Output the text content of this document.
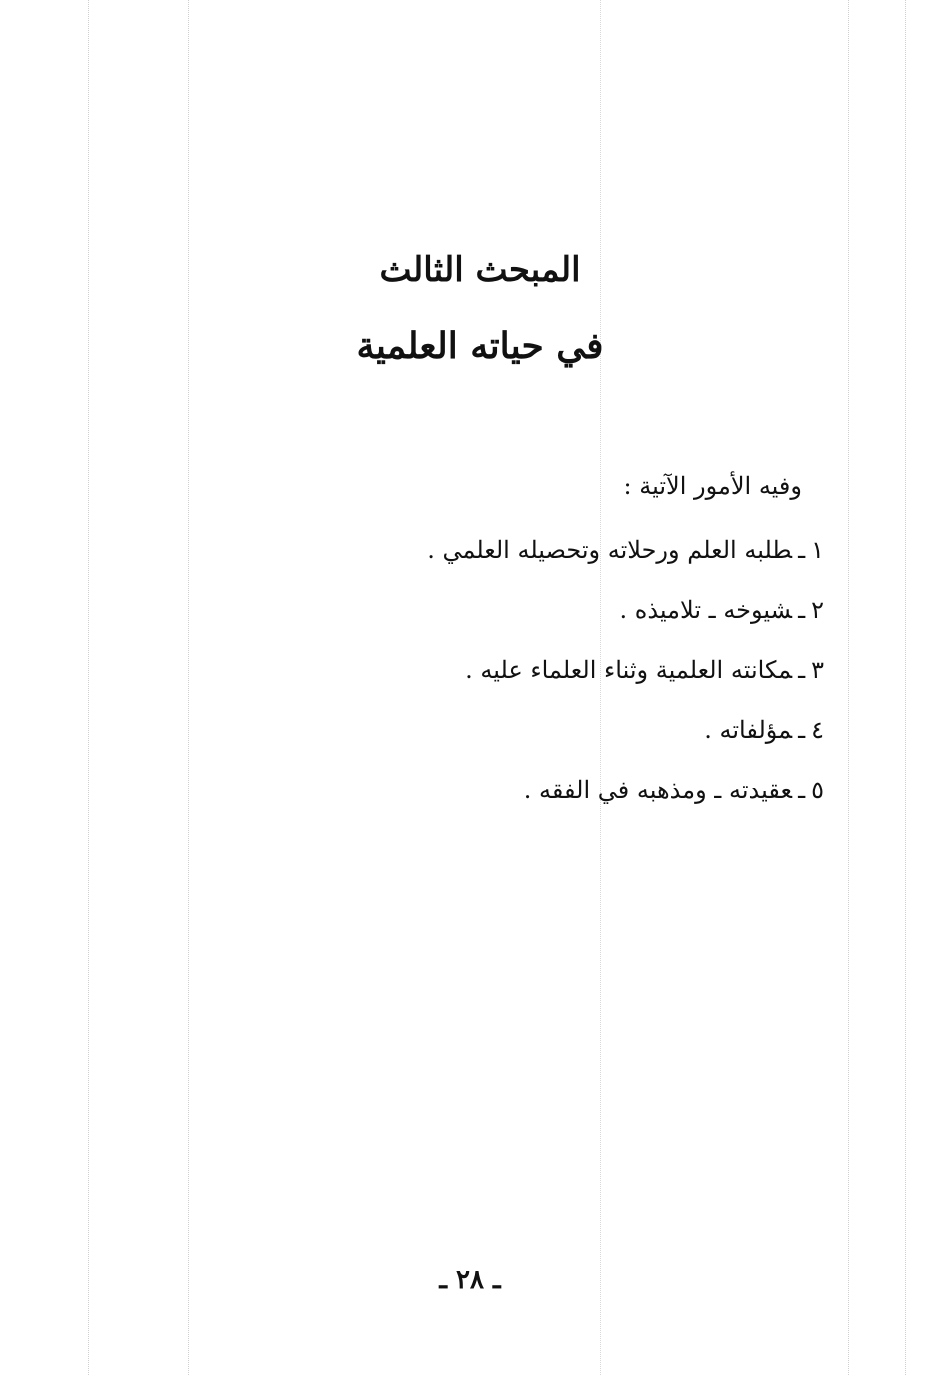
المبحث الثالث
في حياته العلمية
وفيه الأمور الآتية :
١ـطلبه العلم ورحلاته وتحصيله العلمي .
٢ـشيوخه ـ تلاميذه .
٣ـمكانته العلمية وثناء العلماء عليه .
٤ـمؤلفاته .
٥ـعقيدته ـ ومذهبه في الفقه .
ـ ٢٨ ـ
